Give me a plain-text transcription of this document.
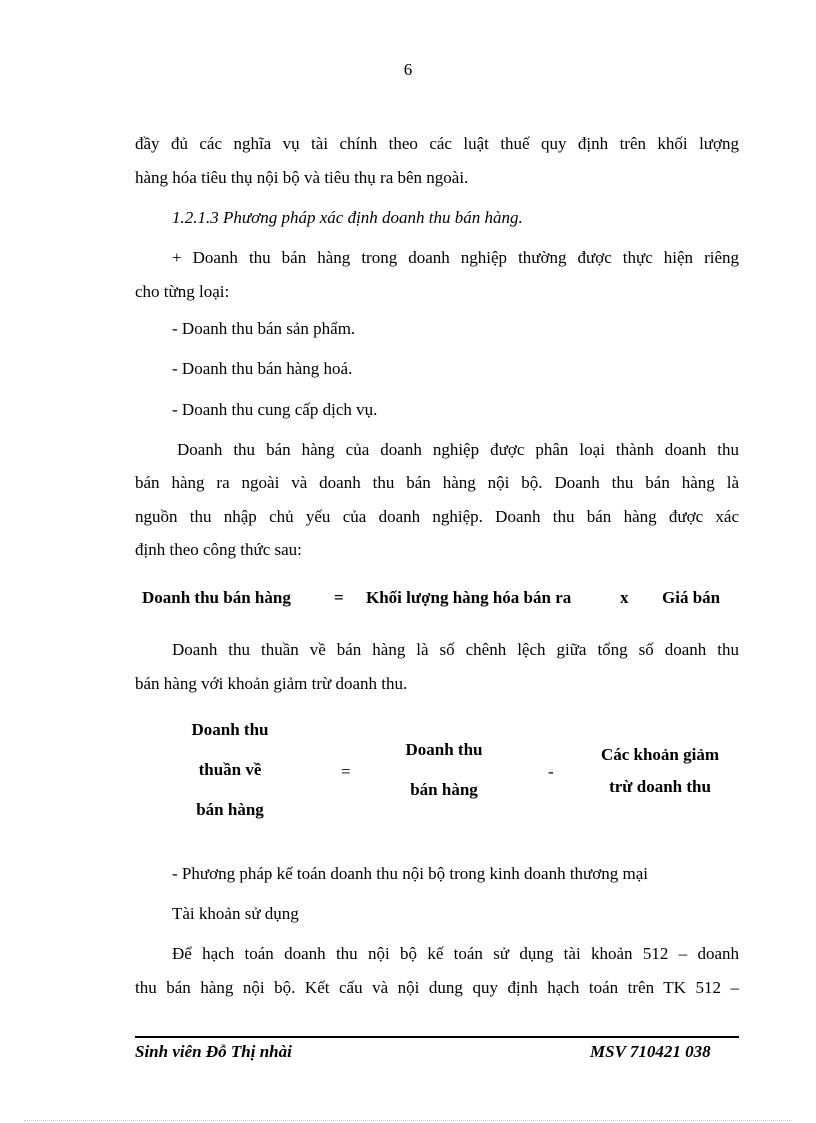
6
đầy đủ các nghĩa vụ tài chính theo các luật thuế quy định trên khối lượng
hàng hóa tiêu thụ nội bộ và tiêu thụ ra bên ngoài.
1.2.1.3 Phương pháp xác định doanh thu bán hàng.
+ Doanh thu bán hàng trong doanh nghiệp thường được thực hiện riêng
cho từng loại:
- Doanh thu bán sản phẩm.
- Doanh thu bán hàng hoá.
- Doanh thu cung cấp dịch vụ.
Doanh thu bán hàng của doanh nghiệp được phân loại thành doanh thu
bán hàng ra ngoài và doanh thu bán hàng nội bộ. Doanh thu bán hàng là
nguồn thu nhập chủ yếu của doanh nghiệp. Doanh thu bán hàng được xác
định theo công thức sau:
Doanh thu thuần về bán hàng là số chênh lệch giữa tổng số doanh thu
bán hàng với khoản giảm trừ doanh thu.
- Phương pháp kế toán doanh thu nội bộ trong kinh doanh thương mại
Tài khoản sử dụng
Để hạch toán doanh thu nội bộ kế toán sử dụng tài khoản 512 – doanh
thu bán hàng nội bộ. Kết cấu và nội dung quy định hạch toán trên TK 512 –
Doanh thu bán hàng	= Khối lượng hàng hóa bán ra	x Giá bán
Doanh thu
thuần về
bán hàng
=
Doanh thu
bán hàng
-
Các khoản giảm
trừ doanh thu
Sinh viên Đỗ Thị nhài	MSV 710421 038
